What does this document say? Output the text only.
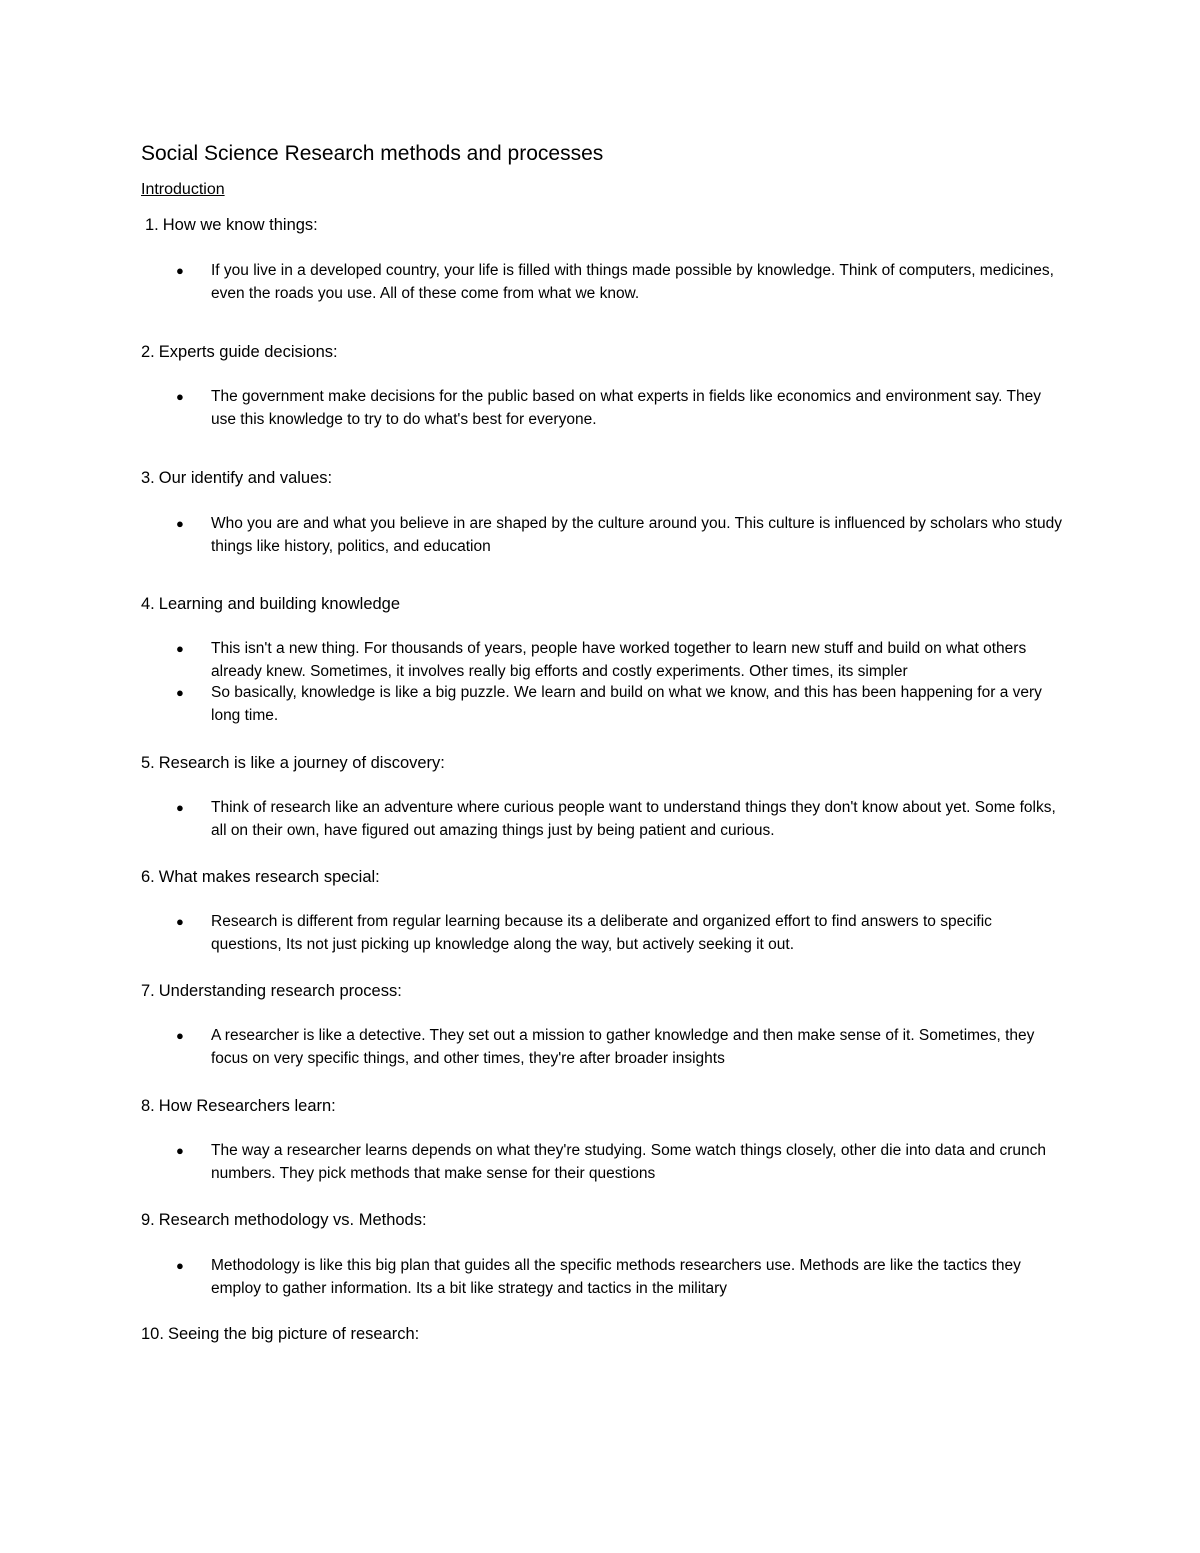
Social Science Research methods and processes
Introduction
1. How we know things:
● If you live in a developed country, your life is filled with things made possible by knowledge. Think of computers, medicines, even the roads you use. All of these come from what we know.
2. Experts guide decisions:
● The government make decisions for the public based on what experts in fields like economics and environment say. They use this knowledge to try to do what's best for everyone.
3. Our identify and values:
● Who you are and what you believe in are shaped by the culture around you. This culture is influenced by scholars who study things like history, politics, and education
4. Learning and building knowledge
● This isn't a new thing. For thousands of years, people have worked together to learn new stuff and build on what others already knew. Sometimes, it involves really big efforts and costly experiments. Other times, its simpler
● So basically, knowledge is like a big puzzle. We learn and build on what we know, and this has been happening for a very long time.
5. Research is like a journey of discovery:
● Think of research like an adventure where curious people want to understand things they don't know about yet. Some folks, all on their own, have figured out amazing things just by being patient and curious.
6. What makes research special:
● Research is different from regular learning because its a deliberate and organized effort to find answers to specific questions, Its not just picking up knowledge along the way, but actively seeking it out.
7. Understanding research process:
● A researcher is like a detective. They set out a mission to gather knowledge and then make sense of it. Sometimes, they focus on very specific things, and other times, they're after broader insights
8. How Researchers learn:
● The way a researcher learns depends on what they're studying. Some watch things closely, other die into data and crunch numbers. They pick methods that make sense for their questions
9. Research methodology vs. Methods:
● Methodology is like this big plan that guides all the specific methods researchers use. Methods are like the tactics they employ to gather information. Its a bit like strategy and tactics in the military
10. Seeing the big picture of research:
